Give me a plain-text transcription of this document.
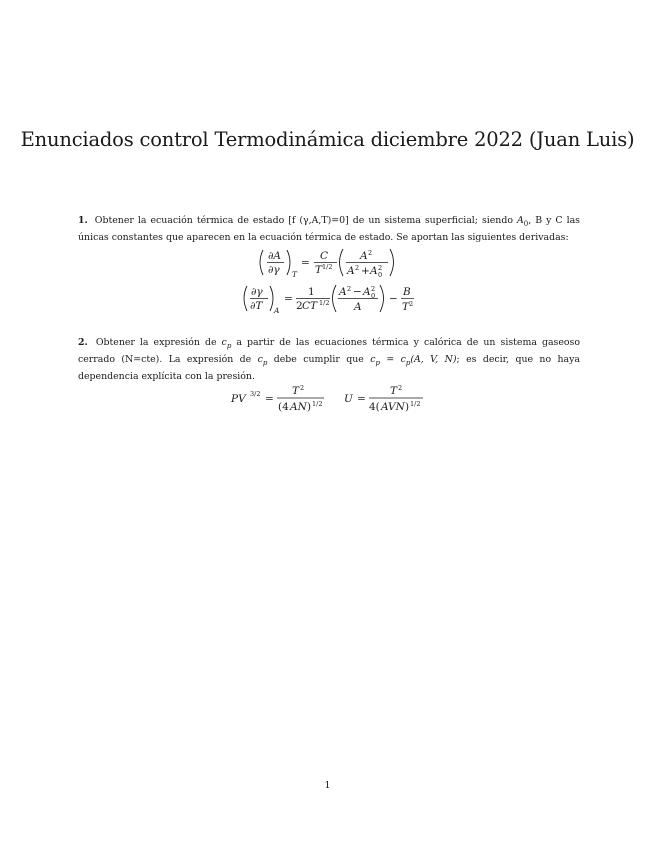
Enunciados control Termodinámica diciembre 2022 (Juan Luis)
1. Obtener la ecuación térmica de estado [f (γ,A,T)=0] de un sistema superficial; siendo $A_0$, B y C las únicas constantes que aparecen en la ecuación térmica de estado. Se aportan las siguientes derivadas:
∂A
∂γ T
=
C
T 1/2
A 2
A 2 + A 2
0
∂γ
∂T A
=
1
2 CT 1/2
A 2 − A 2
0
A
−
B
T 2
2. Obtener la expresión de $c_p$ a partir de las ecuaciones térmica y calórica de un sistema gaseoso cerrado (N=cte). La expresión de $c_p$ debe cumplir que $c_p = c_p(A$, V, N); es decir, que no haya dependencia explícita con la presión.
PV 3/2 =
T 2
(4 AN ) 1/2 U =
T 2
4( AVN ) 1/2
1
